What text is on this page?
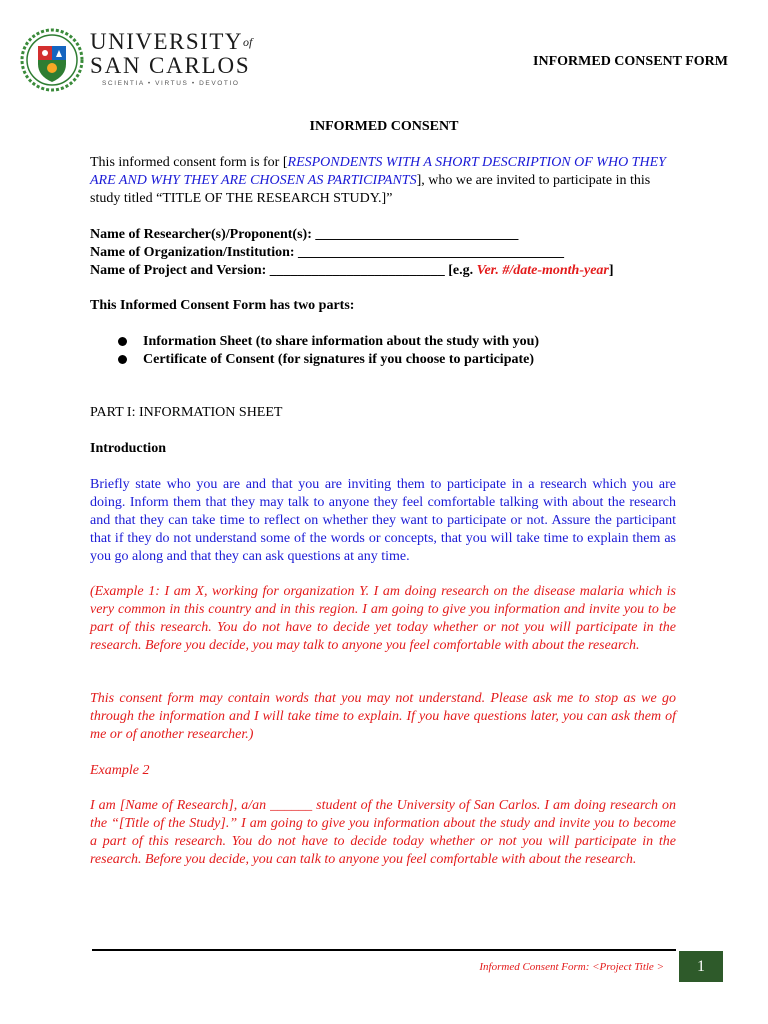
$UNIVERSITY^{of}$
SAN CARLOS
SCIENTIA • VIRTUS • DEVOTIO
INFORMED CONSENT FORM
INFORMED CONSENT
This informed consent form is for [RESPONDENTS WITH A SHORT DESCRIPTION OF WHO THEY ARE AND WHY THEY ARE CHOSEN AS PARTICIPANTS], who we are invited to participate in this study titled “TITLE OF THE RESEARCH STUDY.]”
Name of Researcher(s)/Proponent(s): _____________________________
Name of Organization/Institution: ______________________________________
Name of Project and Version: _________________________ [e.g. Ver. #/date-month-year]
This Informed Consent Form has two parts:
Information Sheet (to share information about the study with you)
Certificate of Consent (for signatures if you choose to participate)
PART I: INFORMATION SHEET
Introduction
Briefly state who you are and that you are inviting them to participate in a research which you are doing. Inform them that they may talk to anyone they feel comfortable talking with about the research and that they can take time to reflect on whether they want to participate or not. Assure the participant that if they do not understand some of the words or concepts, that you will take time to explain them as you go along and that they can ask questions at any time.
(Example 1: I am X, working for organization Y. I am doing research on the disease malaria which is very common in this country and in this region. I am going to give you information and invite you to be part of this research. You do not have to decide yet today whether or not you will participate in the research. Before you decide, you may talk to anyone you feel comfortable with about the research.
This consent form may contain words that you may not understand. Please ask me to stop as we go through the information and I will take time to explain. If you have questions later, you can ask them of me or of another researcher.)
Example 2
I am [Name of Research], a/an ______ student of the University of San Carlos. I am doing research on the “[Title of the Study].” I am going to give you information about the study and invite you to become a part of this research. You do not have to decide today whether or not you will participate in the research. Before you decide, you can talk to anyone you feel comfortable with about the research.
Informed Consent Form: <Project Title >	1
